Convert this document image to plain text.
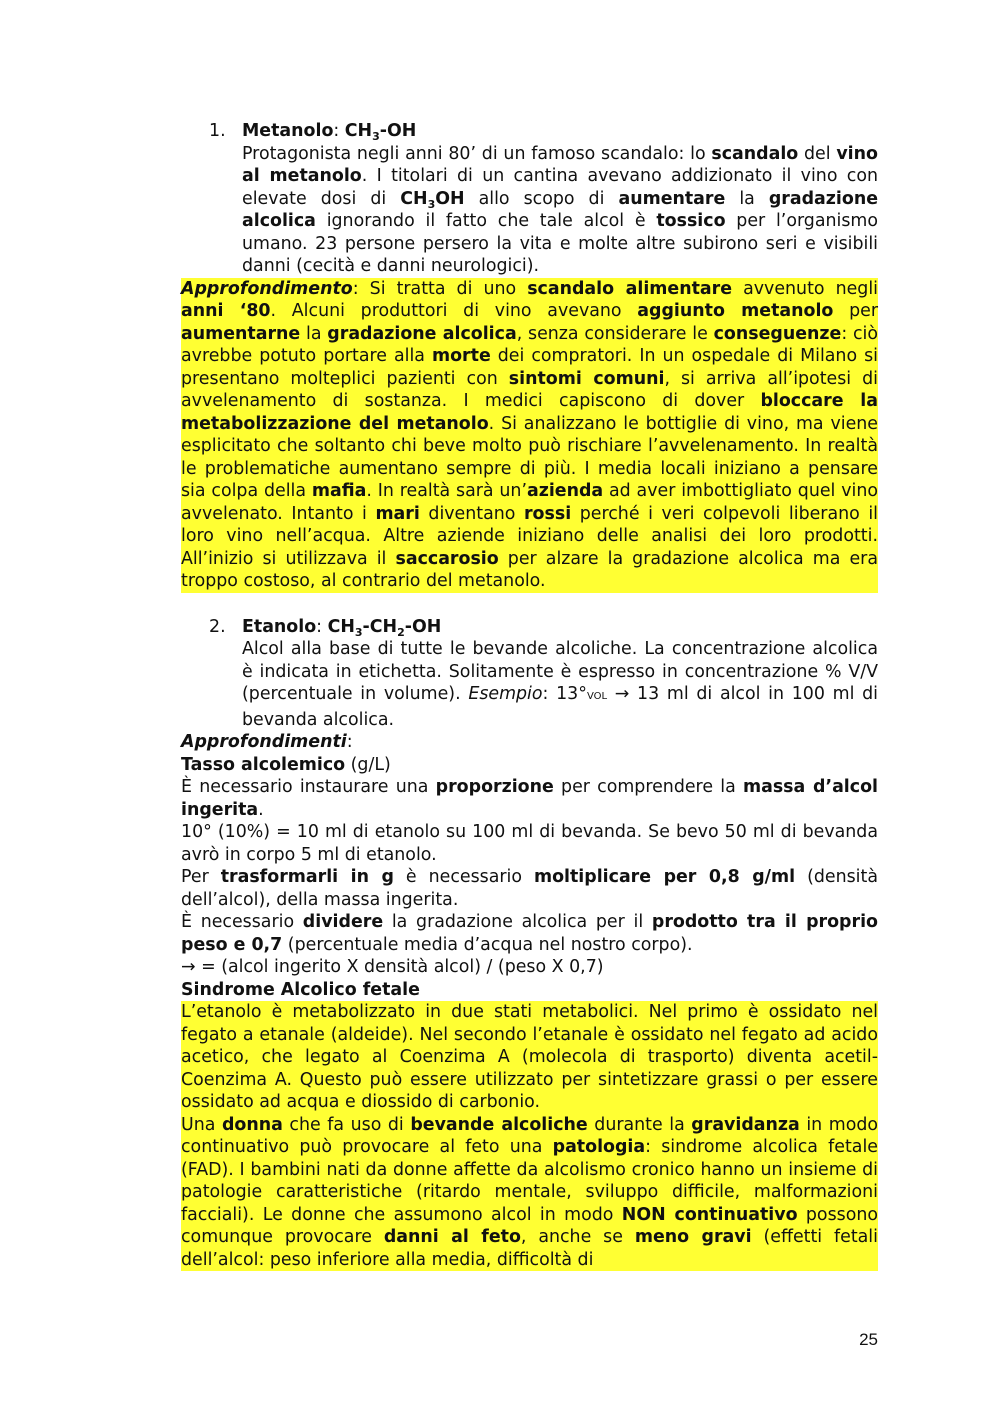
1. Metanolo: $CH_3-OH$

Protagonista negli anni 80’ di un famoso scandalo: lo scandalo del vino al metanolo. I titolari di un cantina avevano addizionato il vino con elevate dosi di $CH_3OH$ allo scopo di aumentare la gradazione alcolica ignorando il fatto che tale alcol è tossico per l’organismo umano. 23 persone persero la vita e molte altre subirono seri e visibili danni (cecità e danni neurologici).

Approfondimento: Si tratta di uno scandalo alimentare avvenuto negli anni ‘80. Alcuni produttori di vino avevano aggiunto metanolo per aumentarne la gradazione alcolica, senza considerare le conseguenze: ciò avrebbe potuto portare alla morte dei compratori. In un ospedale di Milano si presentano molteplici pazienti con sintomi comuni, si arriva all’ipotesi di avvelenamento di sostanza. I medici capiscono di dover bloccare la metabolizzazione del metanolo. Si analizzano le bottiglie di vino, ma viene esplicitato che soltanto chi beve molto può rischiare l’avvelenamento. In realtà le problematiche aumentano sempre di più. I media locali iniziano a pensare sia colpa della mafia. In realtà sarà un’azienda ad aver imbottigliato quel vino avvelenato. Intanto i mari diventano rossi perché i veri colpevoli liberano il loro vino nell’acqua. Altre aziende iniziano delle analisi dei loro prodotti. All’inizio si utilizzava il saccarosio per alzare la gradazione alcolica ma era troppo costoso, al contrario del metanolo.

2. Etanolo: $CH_3-CH_2-OH$

Alcol alla base di tutte le bevande alcoliche. La concentrazione alcolica è indicata in etichetta. Solitamente è espresso in concentrazione % V/V (percentuale in volume). Esempio: 13°VOL → 13 ml di alcol in 100 ml di bevanda alcolica.

Approfondimenti:

Tasso alcolemico (g/L)

È necessario instaurare una proporzione per comprendere la massa d’alcol ingerita.

10° (10%) = 10 ml di etanolo su 100 ml di bevanda. Se bevo 50 ml di bevanda avrò in corpo 5 ml di etanolo.

Per trasformarli in g è necessario moltiplicare per 0,8 g/ml (densità dell’alcol), della massa ingerita.

È necessario dividere la gradazione alcolica per il prodotto tra il proprio peso e 0,7 (percentuale media d’acqua nel nostro corpo).

→ = (alcol ingerito X densità alcol) / (peso X 0,7)

Sindrome Alcolico fetale

L’etanolo è metabolizzato in due stati metabolici. Nel primo è ossidato nel fegato a etanale (aldeide). Nel secondo l’etanale è ossidato nel fegato ad acido acetico, che legato al Coenzima A (molecola di trasporto) diventa acetil-Coenzima A. Questo può essere utilizzato per sintetizzare grassi o per essere ossidato ad acqua e diossido di carbonio.

Una donna che fa uso di bevande alcoliche durante la gravidanza in modo continuativo può provocare al feto una patologia: sindrome alcolica fetale (FAD). I bambini nati da donne affette da alcolismo cronico hanno un insieme di patologie caratteristiche (ritardo mentale, sviluppo difficile, malformazioni facciali). Le donne che assumono alcol in modo NON continuativo possono comunque provocare danni al feto, anche se meno gravi (effetti fetali dell’alcol: peso inferiore alla media, difficoltà di

25
